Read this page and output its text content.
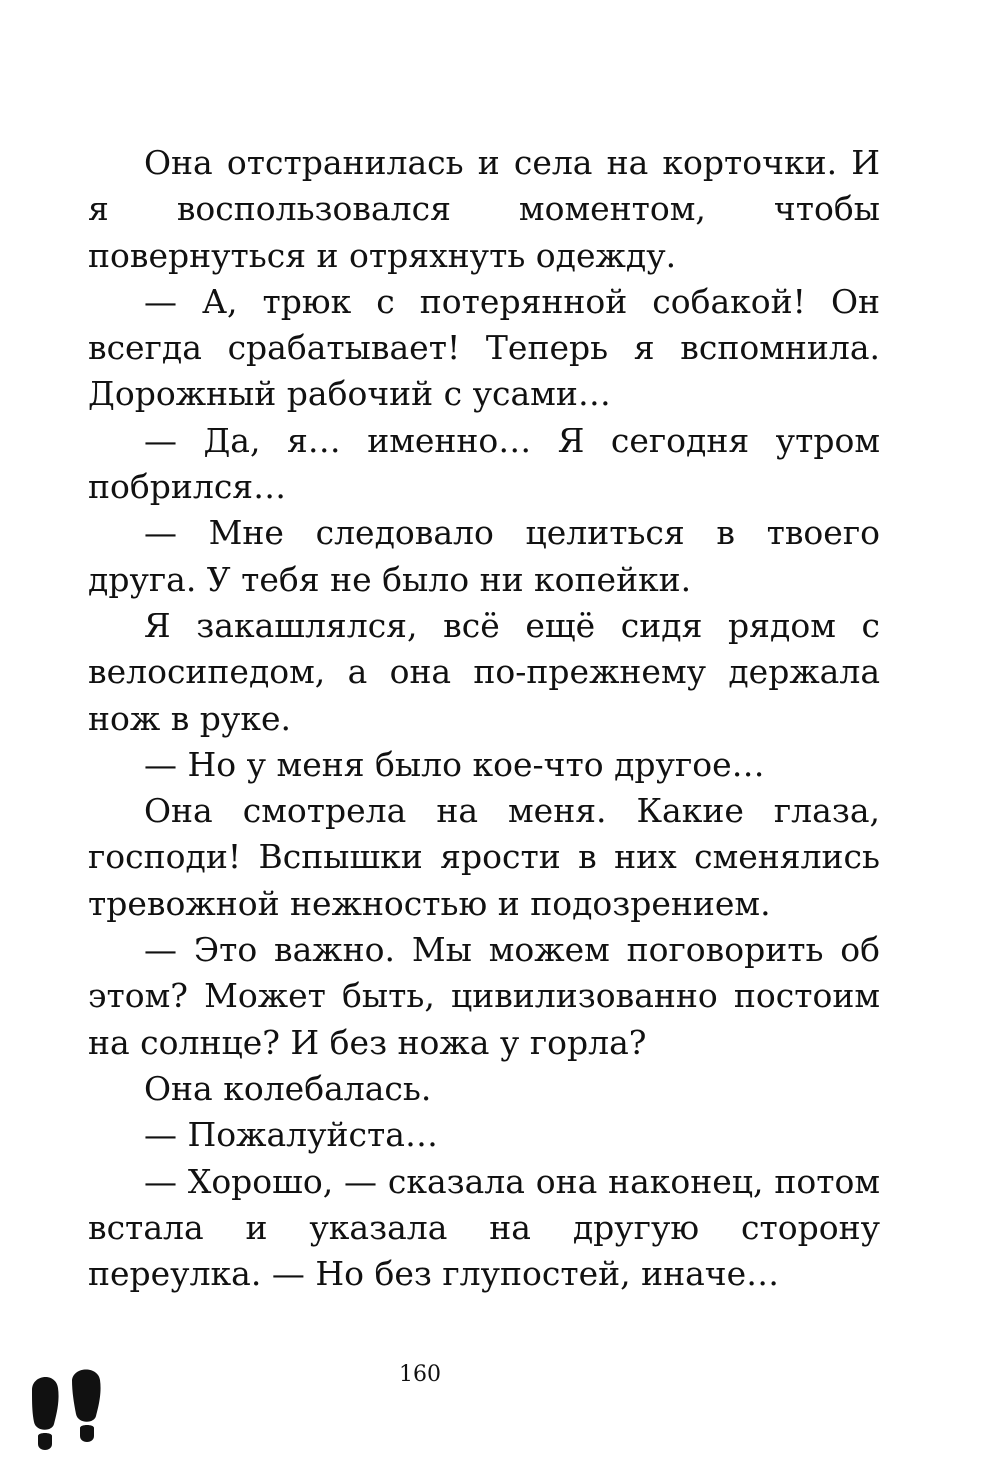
Она отстранилась и села на корточки. И я воспользовался моментом, чтобы повернуться и отряхнуть одежду.

— А, трюк с потерянной собакой! Он всегда срабатывает! Теперь я вспомнила. Дорожный рабочий с усами…

— Да, я… именно… Я сегодня утром побрился…

— Мне следовало целиться в твоего друга. У тебя не было ни копейки.

Я закашлялся, всё ещё сидя рядом с велосипедом, а она по-прежнему держала нож в руке.

— Но у меня было кое-что другое…

Она смотрела на меня. Какие глаза, господи! Вспышки ярости в них сменялись тревожной нежностью и подозрением.

— Это важно. Мы можем поговорить об этом? Может быть, цивилизованно постоим на солнце? И без ножа у горла?

Она колебалась.

— Пожалуйста…

— Хорошо, — сказала она наконец, потом встала и указала на другую сторону переулка. — Но без глупостей, иначе…

160
